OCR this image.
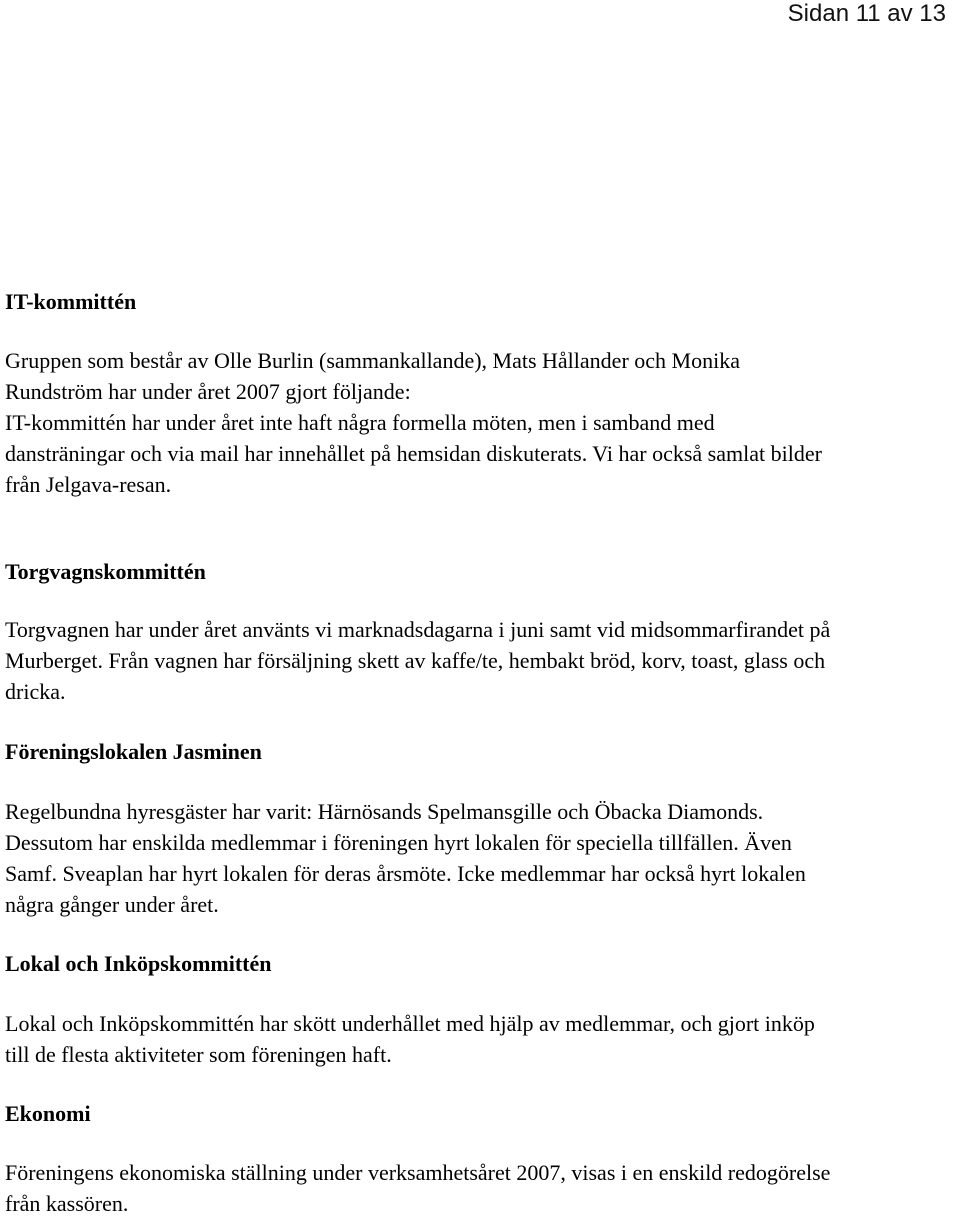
Sidan 11 av 13
IT-kommittén
Gruppen som består av Olle Burlin (sammankallande), Mats Hållander och Monika
Rundström har under året 2007 gjort följande:
IT-kommittén har under året inte haft några formella möten, men i samband med
dansträningar och via mail har innehållet på hemsidan diskuterats. Vi har också samlat bilder
från Jelgava-resan.
Torgvagnskommittén
Torgvagnen har under året använts vi marknadsdagarna i juni samt vid midsommarfirandet på
Murberget. Från vagnen har försäljning skett av kaffe/te, hembakt bröd, korv, toast, glass och
dricka.
Föreningslokalen Jasminen
Regelbundna hyresgäster har varit: Härnösands Spelmansgille och Öbacka Diamonds.
Dessutom har enskilda medlemmar i föreningen hyrt lokalen för speciella tillfällen. Även
Samf. Sveaplan har hyrt lokalen för deras årsmöte. Icke medlemmar har också hyrt lokalen
några gånger under året.
Lokal och Inköpskommittén
Lokal och Inköpskommittén har skött underhållet med hjälp av medlemmar, och gjort inköp
till de flesta aktiviteter som föreningen haft.
Ekonomi
Föreningens ekonomiska ställning under verksamhetsåret 2007, visas i en enskild redogörelse
från kassören.
